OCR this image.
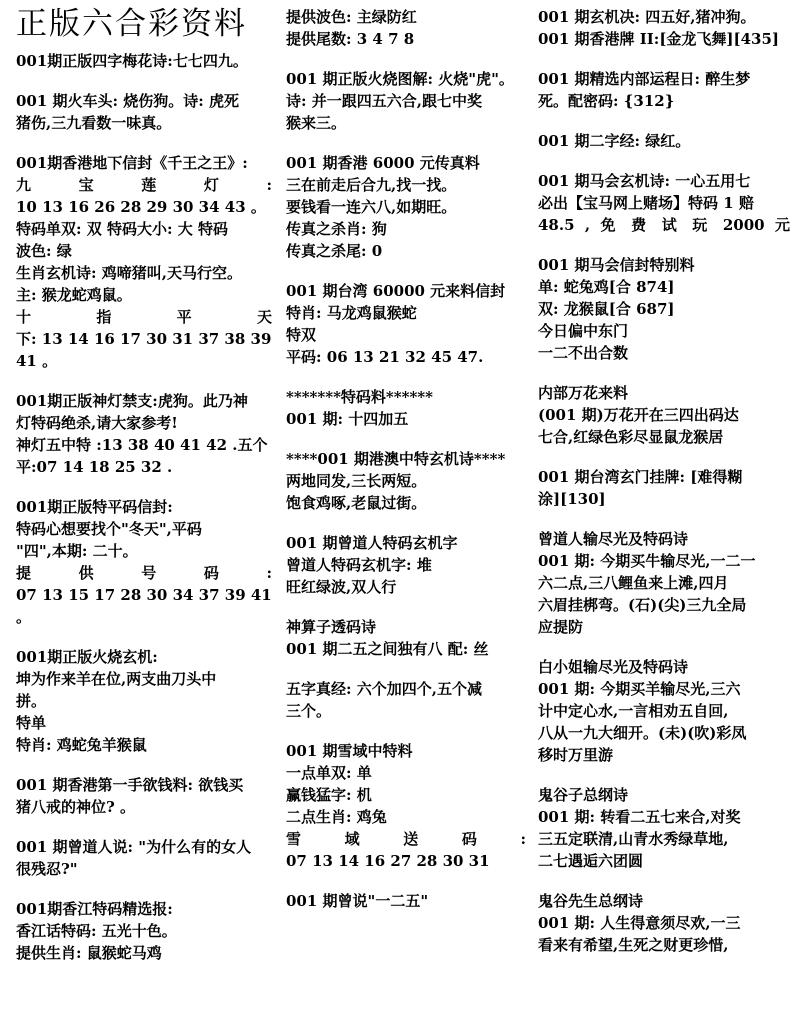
正版六合彩资料
001期正版四字梅花诗:七七四九。
001 期火车头: 烧伤狗。诗: 虎死
猪伤,三九看数一味真。
001期香港地下信封《千王之王》:
九 宝 莲 灯 :
10 13 16 26 28 29 30 34 43 。
特码单双: 双 特码大小: 大 特码
波色: 绿
生肖玄机诗: 鸡啼猪叫,天马行空。
主: 猴龙蛇鸡鼠。
十 指 平 天
下: 13 14 16 17 30 31 37 38 39 41 。
001期正版神灯禁支:虎狗。此乃神
灯特码绝杀,请大家参考!
神灯五中特 :13 38 40 41 42 .五个
平:07 14 18 25 32 .
001期正版特平码信封:
特码心想要找个"冬天",平码
"四",本期: 二十。
提 供 号 码 :
07 13 15 17 28 30 34 37 39 41 。
001期正版火烧玄机:
坤为作来羊在位,两支曲刀头中
拼。
特单
特肖: 鸡蛇兔羊猴鼠
001 期香港第一手欲钱料: 欲钱买
猪八戒的神位? 。
001 期曾道人说: "为什么有的女人
很残忍?"
001期香江特码精选报:
香江话特码: 五光十色。
提供生肖: 鼠猴蛇马鸡
提供波色: 主绿防红
提供尾数: 3 4 7 8
001 期正版火烧图解: 火烧"虎"。
诗: 并一跟四五六合,跟七中奖
猴来三。
001 期香港 6000 元传真料
三在前走后合九,找一找。
要钱看一连六八,如期旺。
传真之杀肖: 狗
传真之杀尾: 0
001 期台湾 60000 元来料信封
特肖: 马龙鸡鼠猴蛇
特双
平码: 06 13 21 32 45 47.
*******特码料******
001 期: 十四加五
****001 期港澳中特玄机诗****
两地同发,三长两短。
饱食鸡啄,老鼠过街。
001 期曾道人特码玄机字
曾道人特码玄机字: 堆
旺红绿波,双人行
神算子透码诗
001 期二五之间独有八 配: 丝
五字真经: 六个加四个,五个减
三个。
001 期雪域中特料
一点单双: 单
赢钱猛字: 机
二点生肖: 鸡兔
雪 域 送 码 :
07 13 14 16 27 28 30 31
001 期曾说"一二五"
001 期玄机决: 四五好,猪冲狗。
001 期香港牌 II:[金龙飞舞][435]
001 期精选内部运程日: 醉生梦
死。配密码: {312}
001 期二字经: 绿红。
001 期马会玄机诗: 一心五用七
必出【宝马网上赌场】特码 1 赔
48.5 , 免 费 试 玩 2000 元
001 期马会信封特别料
单: 蛇兔鸡[合 874]
双: 龙猴鼠[合 687]
今日偏中东门
一二不出合数
内部万花来料
(001 期)万花开在三四出码达
七合,红绿色彩尽显鼠龙猴居
001 期台湾玄门挂牌: [难得糊
涂][130]
曾道人输尽光及特码诗
001 期: 今期买牛输尽光,一二一
六二点,三八鲤鱼来上滩,四月
六眉挂梆弯。(石)(尖)三九全局
应提防
白小姐输尽光及特码诗
001 期: 今期买羊输尽光,三六
计中定心水,一言相劝五自回,
八从一九大细开。(未)(吹)彩凤
移时万里游
鬼谷子总纲诗
001 期: 转看二五七来合,对奖
三五定联清,山青水秀绿草地,
二七遇逅六团圆
鬼谷先生总纲诗
001 期: 人生得意须尽欢,一三
看来有希望,生死之财更珍惜,
